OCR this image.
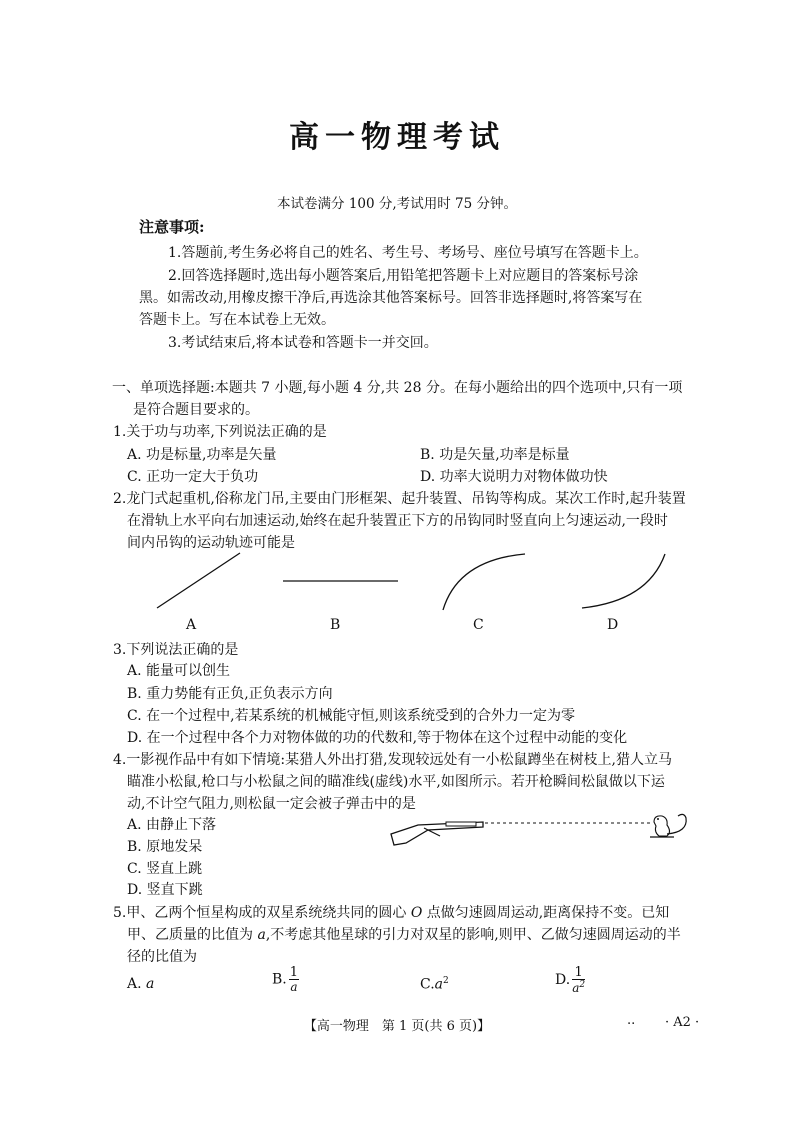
高一物理考试
本试卷满分 100 分,考试用时 75 分钟。
注意事项:
1.答题前,考生务必将自己的姓名、考生号、考场号、座位号填写在答题卡上。
2.回答选择题时,选出每小题答案后,用铅笔把答题卡上对应题目的答案标号涂
黑。如需改动,用橡皮擦干净后,再选涂其他答案标号。回答非选择题时,将答案写在
答题卡上。写在本试卷上无效。
3.考试结束后,将本试卷和答题卡一并交回。
一、单项选择题:本题共 7 小题,每小题 4 分,共 28 分。在每小题给出的四个选项中,只有一项
是符合题目要求的。
1.关于功与功率,下列说法正确的是
A. 功是标量,功率是矢量	B. 功是矢量,功率是标量
C. 正功一定大于负功	D. 功率大说明力对物体做功快
2.龙门式起重机,俗称龙门吊,主要由门形框架、起升装置、吊钩等构成。某次工作时,起升装置
在滑轨上水平向右加速运动,始终在起升装置正下方的吊钩同时竖直向上匀速运动,一段时
间内吊钩的运动轨迹可能是
A	B	C	D
3.下列说法正确的是
A. 能量可以创生
B. 重力势能有正负,正负表示方向
C. 在一个过程中,若某系统的机械能守恒,则该系统受到的合外力一定为零
D. 在一个过程中各个力对物体做的功的代数和,等于物体在这个过程中动能的变化
4.一影视作品中有如下情境:某猎人外出打猎,发现较远处有一小松鼠蹲坐在树枝上,猎人立马
瞄准小松鼠,枪口与小松鼠之间的瞄准线(虚线)水平,如图所示。若开枪瞬间松鼠做以下运
动,不计空气阻力,则松鼠一定会被子弹击中的是
A. 由静止下落
B. 原地发呆
C. 竖直上跳
D. 竖直下跳
5.甲、乙两个恒星构成的双星系统绕共同的圆心 O 点做匀速圆周运动,距离保持不变。已知
甲、乙质量的比值为 a,不考虑其他星球的引力对双星的影响,则甲、乙做匀速圆周运动的半
径的比值为
A. a	B. $\frac{1}{a}$	$C.a^2$	D. $\frac{1}{a^2}$
【高一物理　第 1 页(共 6 页)】	.. · A2 ·
